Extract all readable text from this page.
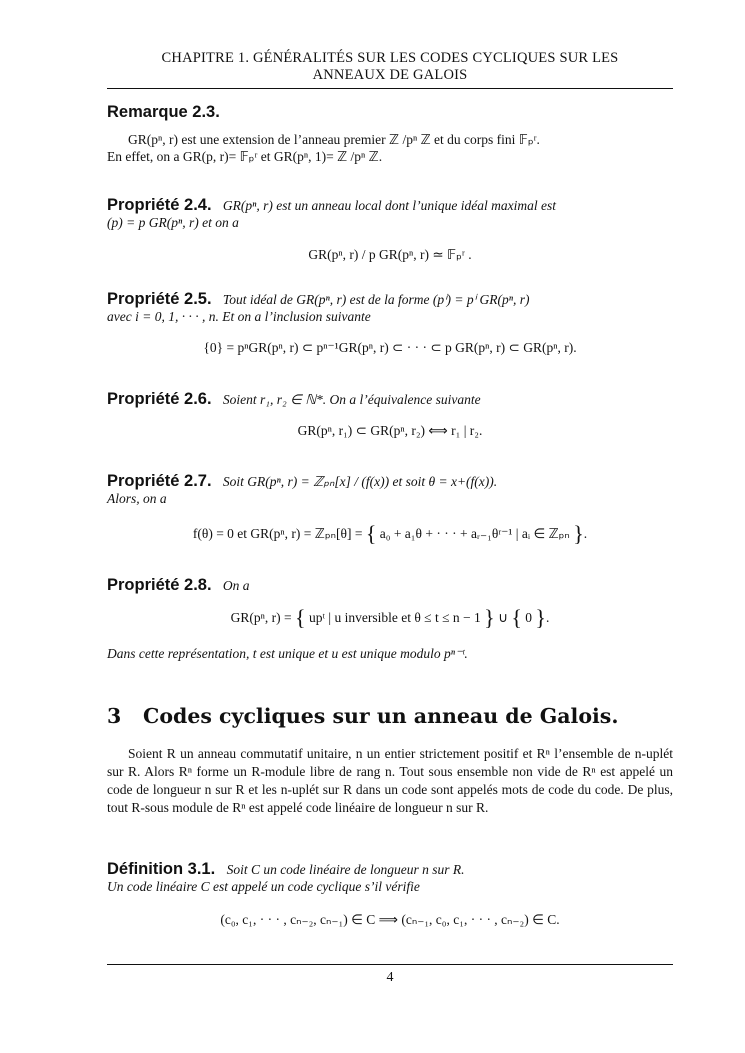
CHAPITRE 1. GÉNÉRALITÉS SUR LES CODES CYCLIQUES SUR LES
ANNEAUX DE GALOIS
Remarque 2.3.
GR(pⁿ, r) est une extension de l’anneau premier ℤ /pⁿ ℤ et du corps fini 𝔽ₚʳ.
En effet, on a GR(p, r)= 𝔽ₚʳ et GR(pⁿ, 1)= ℤ /pⁿ ℤ.
Propriété 2.4. GR(pⁿ, r) est un anneau local dont l’unique idéal maximal est
(p) = p GR(pⁿ, r) et on a
GR(pⁿ, r) / p GR(pⁿ, r) ≃ 𝔽ₚʳ .
Propriété 2.5. Tout idéal de GR(pⁿ, r) est de la forme (pⁱ) = pⁱ GR(pⁿ, r)
avec i = 0, 1, · · · , n. Et on a l’inclusion suivante
{0} = pⁿGR(pⁿ, r) ⊂ pⁿ⁻¹GR(pⁿ, r) ⊂ · · · ⊂ p GR(pⁿ, r) ⊂ GR(pⁿ, r).
Propriété 2.6. Soient r₁, r₂ ∈ ℕ*. On a l’équivalence suivante
GR(pⁿ, r₁) ⊂ GR(pⁿ, r₂) ⟺ r₁ | r₂.
Propriété 2.7. Soit GR(pⁿ, r) = ℤₚₙ[x] / (f(x)) et soit θ = x+(f(x)).
Alors, on a
f(θ) = 0 et GR(pⁿ, r) = ℤₚₙ[θ] = { a₀ + a₁θ + · · · + aᵣ₋₁θʳ⁻¹ | aᵢ ∈ ℤₚₙ }.
Propriété 2.8. On a
GR(pⁿ, r) = { upᵗ | u inversible et θ ≤ t ≤ n − 1 } ∪ { 0 }.
Dans cette représentation, t est unique et u est unique modulo pⁿ⁻ᵗ.
3 Codes cycliques sur un anneau de Galois.
Soient R un anneau commutatif unitaire, n un entier strictement positif et Rⁿ l’ensemble de n-uplét sur R. Alors Rⁿ forme un R-module libre de rang n. Tout sous ensemble non vide de Rⁿ est appelé un code de longueur n sur R et les n-uplét sur R dans un code sont appelés mots de code du code. De plus, tout R-sous module de Rⁿ est appelé code linéaire de longueur n sur R.
Définition 3.1. Soit C un code linéaire de longueur n sur R.
Un code linéaire C est appelé un code cyclique s’il vérifie
(c₀, c₁, · · · , cₙ₋₂, cₙ₋₁) ∈ C ⟹ (cₙ₋₁, c₀, c₁, · · · , cₙ₋₂) ∈ C.
4
